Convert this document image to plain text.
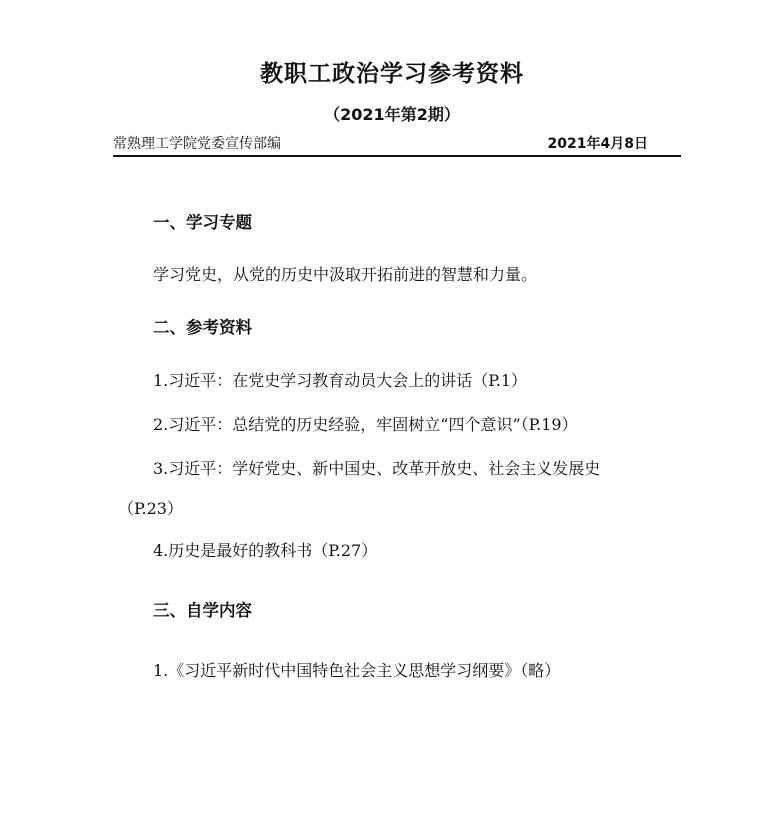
教职工政治学习参考资料
（2021年第2期）
常熟理工学院党委宣传部编	2021年4月8日
一、学习专题
学习党史，从党的历史中汲取开拓前进的智慧和力量。
二、参考资料
1.习近平：在党史学习教育动员大会上的讲话（P.1）
2.习近平：总结党的历史经验，牢固树立“四个意识”（P.19）
3.习近平：学好党史、新中国史、改革开放史、社会主义发展史
（P.23）
4.历史是最好的教科书（P.27）
三、自学内容
1.《习近平新时代中国特色社会主义思想学习纲要》（略）
